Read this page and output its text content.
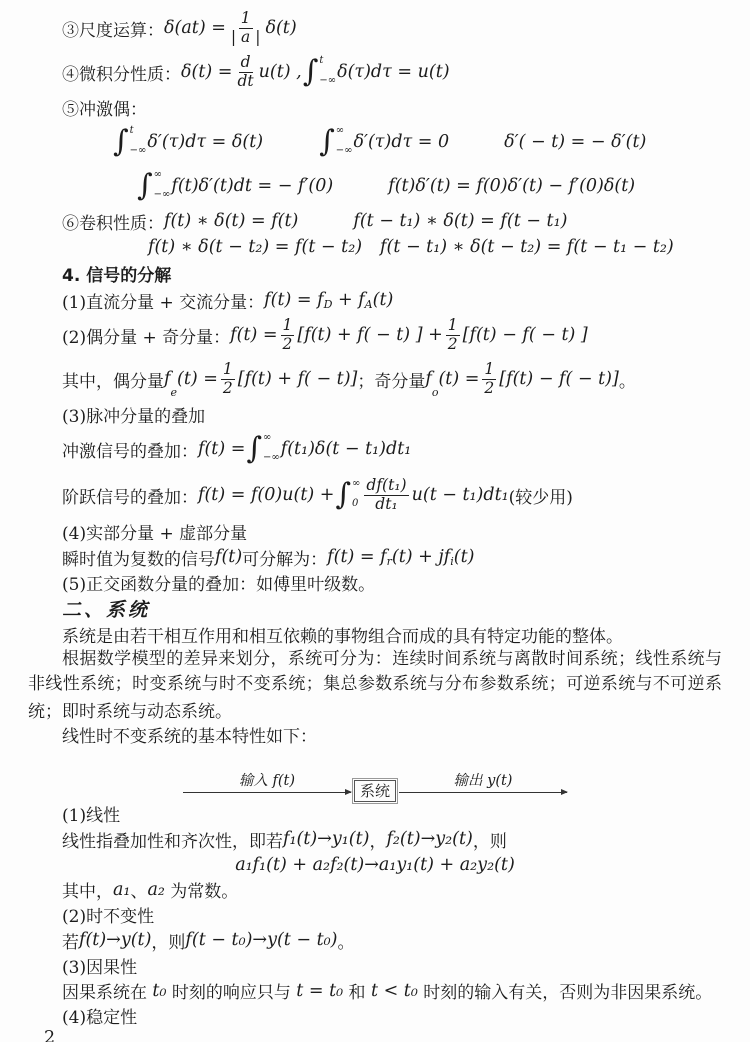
③尺度运算： $\delta(at) = \frac{1}{| a |} \delta(t)$
④微积分性质： $\delta(t) = \frac{d}{dt} u(t)$ , ∫ t
−∞ δ(τ)dτ = u(t)
⑤冲激偶：
∫ t
−∞ δ′(τ)dτ = δ(t) ∫ ∞
−∞ δ′(τ)dτ = 0	δ′( − t) = − δ′(t)
∫ ∞
−∞ f(t)δ′(t)dt = − f′(0)	f(t)δ′(t) = f(0)δ′(t) − f′(0)δ(t)
⑥卷积性质： f(t) ∗ δ(t) = f(t)	f(t − t₁) ∗ δ(t) = f(t − t₁)
f(t) ∗ δ(t − t₂) = f(t − t₂) f(t − t₁) ∗ δ(t − t₂) = f(t − t₁ − t₂)
4. 信号的分解
(1)直流分量 + 交流分量： $f(t) = f_D + f_A$ (t)
(2)偶分量 + 奇分量： $f(t) = \frac{1}{2} [f(t) + f( - t)$ ] + $\frac{1}{2} [f(t) - f( - t)$ ]
其中，偶分量 f
$_e$
$(t) = \frac{1}{2} [f(t) + f( - t)]$ ；奇分量 f
$_o$
$(t) = \frac{1}{2} [f(t) - f( - t)]$ 。
(3)脉冲分量的叠加
冲激信号的叠加： f(t) = ∫ ∞
−∞ f(t₁)δ(t − t₁)dt₁
阶跃信号的叠加： f(t) = f(0)u(t) + ∫ ∞
$0 \frac{\text{df(t₁)}}{\text{dt₁}} u(t - t_1)dt_1$ (较少用)
(4)实部分量 + 虚部分量
瞬时值为复数的信号 f(t) 可分解为： $f(t) = f_r$ $(t) + jf_i$ (t)
(5)正交函数分量的叠加：如傅里叶级数。
二、系统
系统是由若干相互作用和相互依赖的事物组合而成的具有特定功能的整体。
根据数学模型的差异来划分，系统可分为：连续时间系统与离散时间系统；线性系统与
非线性系统；时变系统与时不变系统；集总参数系统与分布参数系统；可逆系统与不可逆系
统；即时系统与动态系统。
线性时不变系统的基本特性如下：
输入 f(t)
系统
输出 y(t)
(1)线性
线性指叠加性和齐次性，即若 f₁(t)→y₁(t) ， f₂(t)→y₂(t) ，则
a₁f₁(t) + a₂f₂(t)→a₁y₁(t) + a₂y₂(t)
其中， a₁ 、 a₂ 为常数。
(2)时不变性
若 f(t)→y(t) ，则 f(t − t₀)→y(t − t₀) 。
(3)因果性
因果系统在 t₀ 时刻的响应只与 t = t₀ 和 t < t₀ 时刻的输入有关，否则为非因果系统。
(4)稳定性
2
